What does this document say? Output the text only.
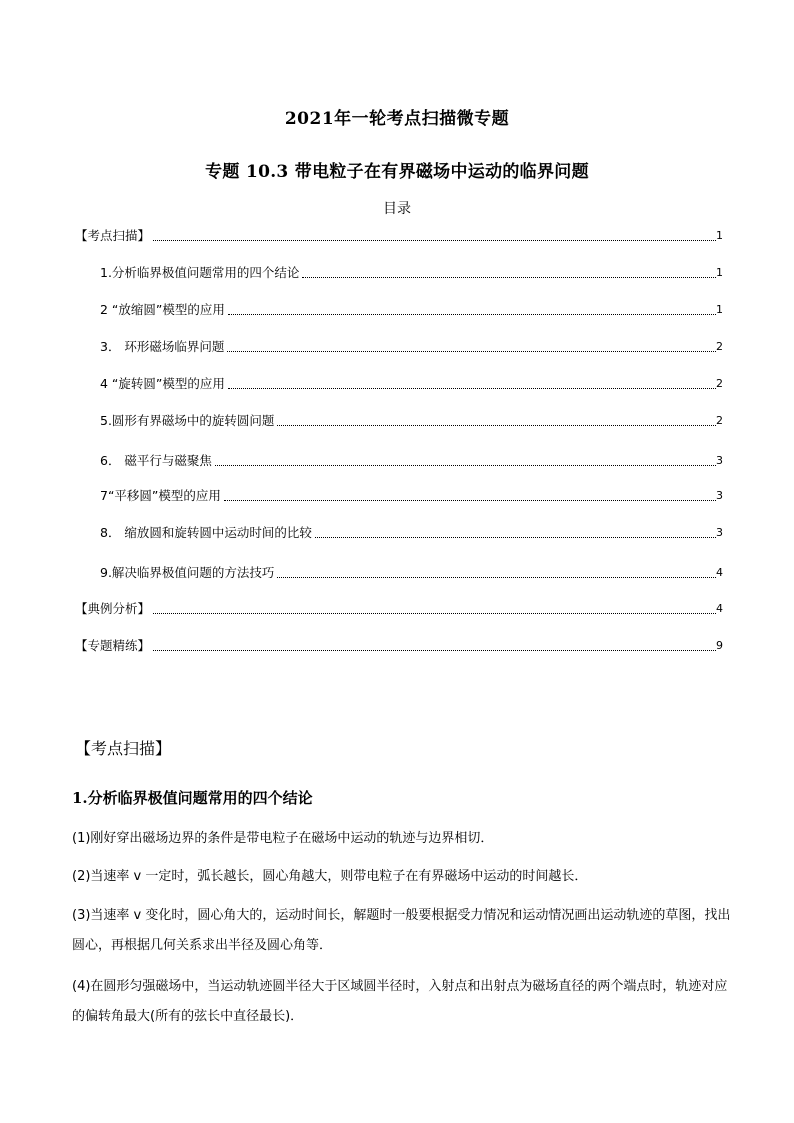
2021年一轮考点扫描微专题
专题 10.3 带电粒子在有界磁场中运动的临界问题
目录
【考点扫描】	1
1.分析临界极值问题常用的四个结论	1
2 “放缩圆”模型的应用	1
3． 环形磁场临界问题	2
4 “旋转圆”模型的应用	2
5.圆形有界磁场中的旋转圆问题	2
6． 磁平行与磁聚焦	3
7“平移圆”模型的应用	3
8． 缩放圆和旋转圆中运动时间的比较	3
9.解决临界极值问题的方法技巧	4
【典例分析】	4
【专题精练】	9
【考点扫描】
1.分析临界极值问题常用的四个结论
(1)刚好穿出磁场边界的条件是带电粒子在磁场中运动的轨迹与边界相切．
(2)当速率 v 一定时，弧长越长，圆心角越大，则带电粒子在有界磁场中运动的时间越长．
(3)当速率 v 变化时，圆心角大的，运动时间长，解题时一般要根据受力情况和运动情况画出运动轨迹的草图，找出圆心，再根据几何关系求出半径及圆心角等．
(4)在圆形匀强磁场中，当运动轨迹圆半径大于区域圆半径时，入射点和出射点为磁场直径的两个端点时，轨迹对应的偏转角最大(所有的弦长中直径最长)．
